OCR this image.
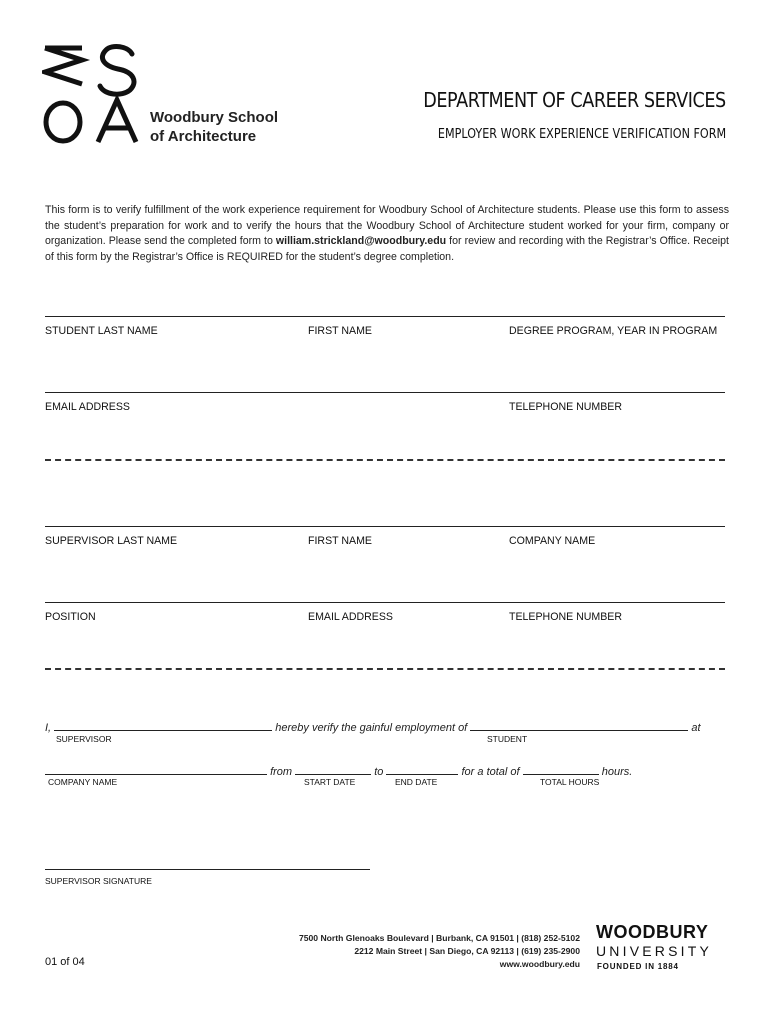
Woodbury School
of Architecture
DEPARTMENT OF CAREER SERVICES
EMPLOYER WORK EXPERIENCE VERIFICATION FORM
This form is to verify fulfillment of the work experience requirement for Woodbury School of Architecture students. Please use this form to assess the student’s preparation for work and to verify the hours that the Woodbury School of Architecture student worked for your firm, company or organization. Please send the completed form to william.strickland@woodbury.edu for review and recording with the Registrar’s Office. Receipt of this form by the Registrar’s Office is REQUIRED for the student’s degree completion.
STUDENT LAST NAME	FIRST NAME	DEGREE PROGRAM, YEAR IN PROGRAM
EMAIL ADDRESS	TELEPHONE NUMBER
SUPERVISOR LAST NAME	FIRST NAME	COMPANY NAME
POSITION	EMAIL ADDRESS	TELEPHONE NUMBER
I,	hereby verify the gainful employment of	at
SUPERVISOR	STUDENT
from	to	for a total of	hours.
COMPANY NAME	START DATE	END DATE	TOTAL HOURS
SUPERVISOR SIGNATURE
01 of 04
7500 North Glenoaks Boulevard | Burbank, CA 91501 | (818) 252-5102
2212 Main Street | San Diego, CA 92113 | (619) 235-2900
www.woodbury.edu
WOODBURY
UNIVERSITY
FOUNDED IN 1884
